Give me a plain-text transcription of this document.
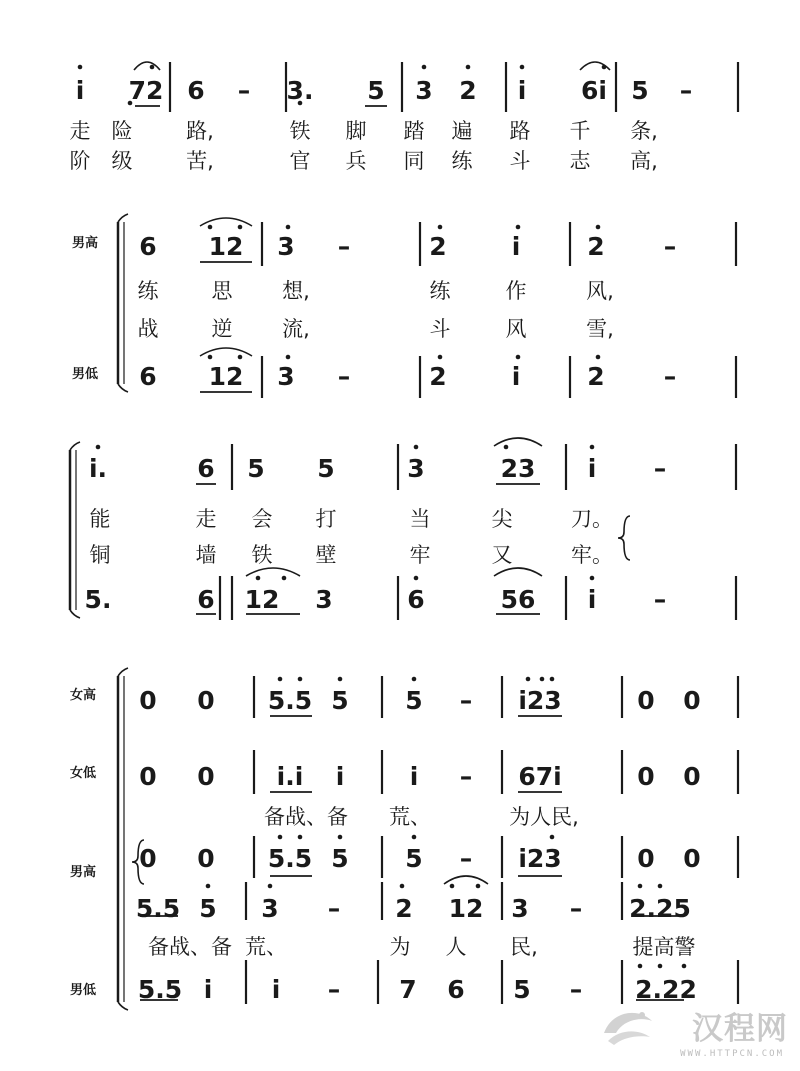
男高
男低
女高
女低
男高
男低
i 72 6 – 3. 5 3 2 i 6i 5 –
走 险	路,	铁 脚 踏 遍 路 千 条,
阶 级	苦,	官 兵 同 练 斗 志 高,
6 12 3 –	2	i	2 –
6 12 3 –	2	i	2 –
练	思 想,	练	作	风,
战	逆 流,	斗	风	雪,
i.	6 5 5	3	23 i –
5.	6 12 3	6	56 i –
能	走 会 打	当	尖	刀。
铜	墙 铁 壁	牢	又	牢。
0 0 5.5 5 5 – i23	0 0
0 0 i.i i	i – 67i	0 0
备战、备 荒、	为人民,
0 0 5.5 5 5 – i23	0 0
5.5 5 3 – 2 12 3 – 2.25
备战、备 荒、	为 人 民,	提高警
5.5 i i – 7 6 5 – 2.22
汉程网
WWW.HTTPCN.COM
